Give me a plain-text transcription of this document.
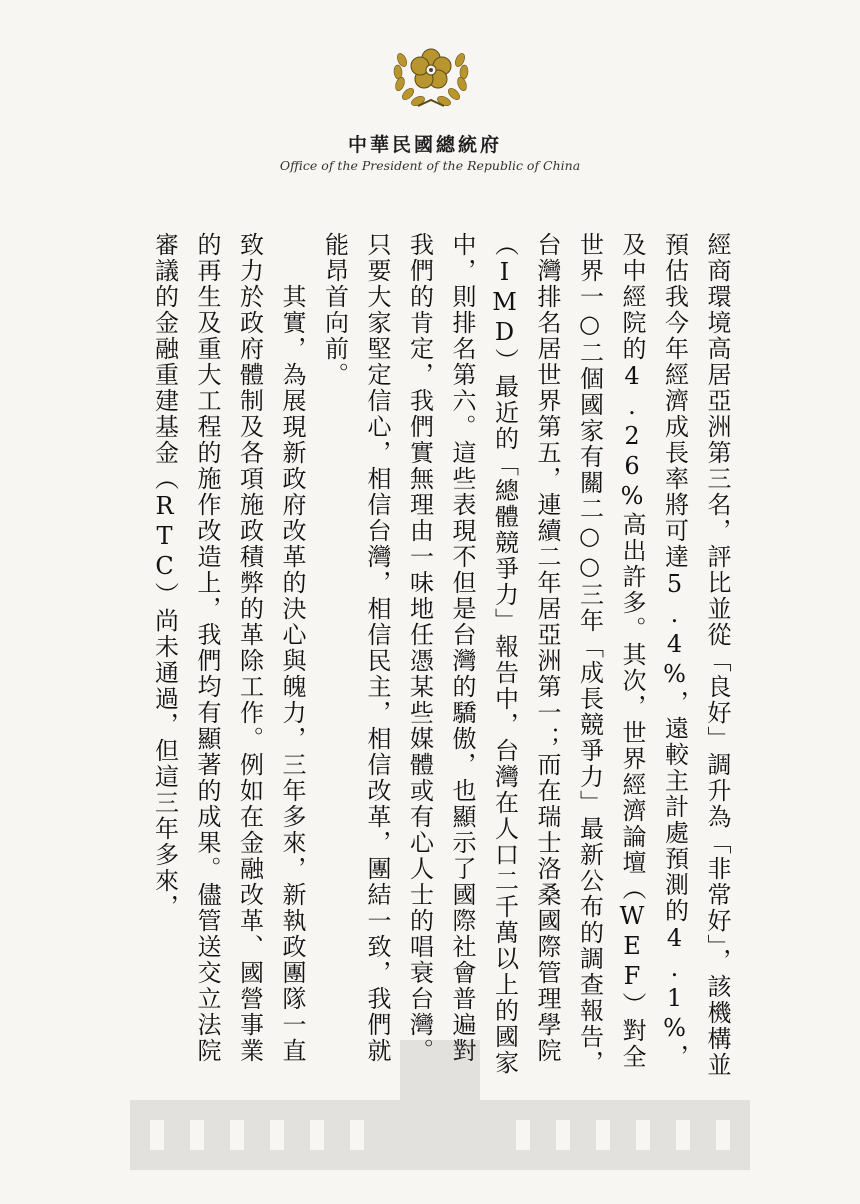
中華民國總統府
Office of the President of the Republic of China

經商環境高居亞洲第三名，評比並從「良好」調升為「非常好」，該機構並預估我今年經濟成長率將可達5.4%，遠較主計處預測的4.1%，及中經院的4.26%高出許多。其次，世界經濟論壇（WEF）對全世界一○二個國家有關二○○三年「成長競爭力」最新公布的調查報告，台灣排名居世界第五，連續二年居亞洲第一；而在瑞士洛桑國際管理學院（IMD）最近的「總體競爭力」報告中，台灣在人口二千萬以上的國家中，則排名第六。這些表現不但是台灣的驕傲，也顯示了國際社會普遍對我們的肯定，我們實無理由一味地任憑某些媒體或有心人士的唱衰台灣。只要大家堅定信心，相信台灣，相信民主，相信改革，團結一致，我們就能昂首向前。

　　其實，為展現新政府改革的決心與魄力，三年多來，新執政團隊一直致力於政府體制及各項施政積弊的革除工作。例如在金融改革、國營事業的再生及重大工程的施作改造上，我們均有顯著的成果。儘管送交立法院審議的金融重建基金（RTC）尚未通過，但這三年多來，
